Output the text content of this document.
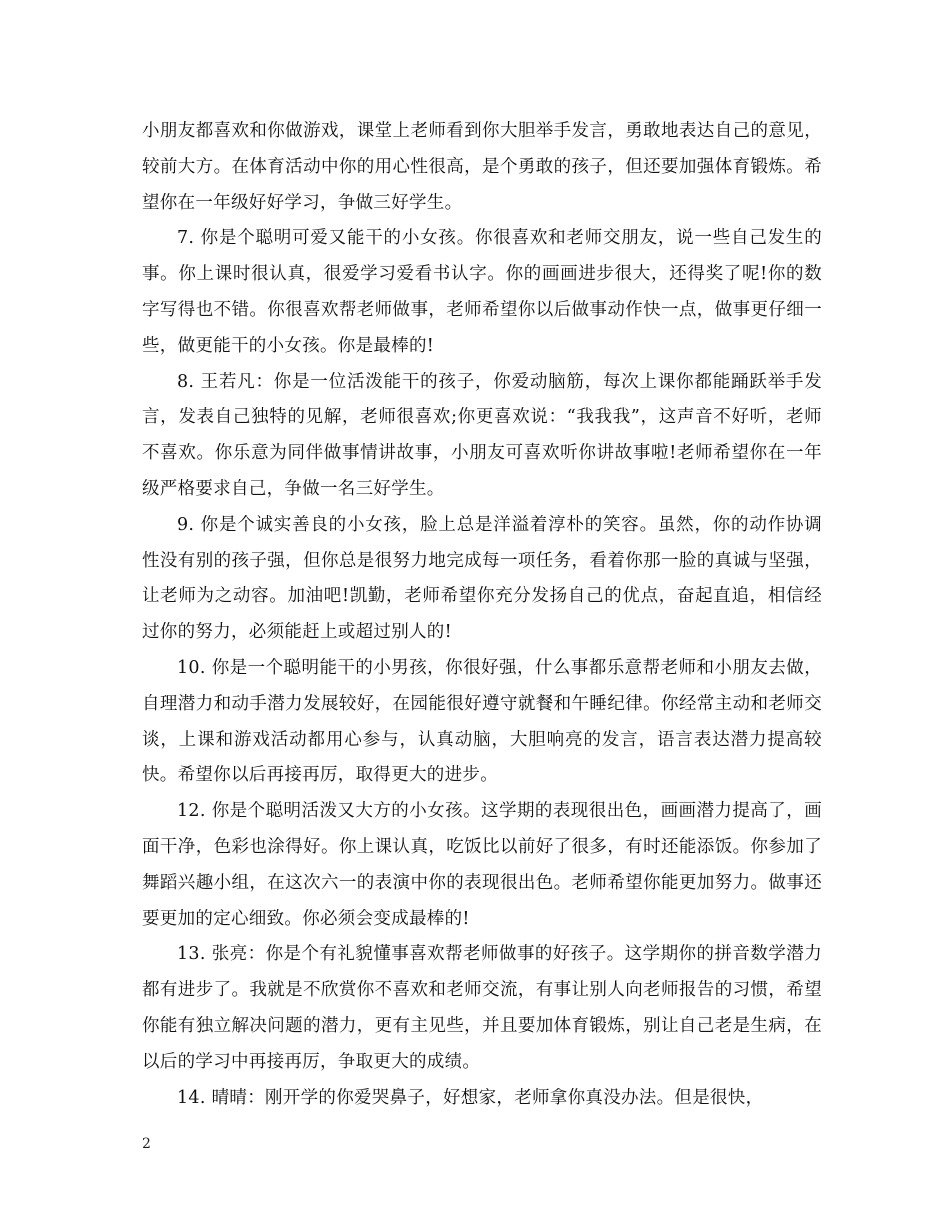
小朋友都喜欢和你做游戏，课堂上老师看到你大胆举手发言，勇敢地表达自己的意见，较前大方。在体育活动中你的用心性很高，是个勇敢的孩子，但还要加强体育锻炼。希望你在一年级好好学习，争做三好学生。

7. 你是个聪明可爱又能干的小女孩。你很喜欢和老师交朋友，说一些自己发生的事。你上课时很认真，很爱学习爱看书认字。你的画画进步很大，还得奖了呢!你的数字写得也不错。你很喜欢帮老师做事，老师希望你以后做事动作快一点，做事更仔细一些，做更能干的小女孩。你是最棒的!

8. 王若凡：你是一位活泼能干的孩子，你爱动脑筋，每次上课你都能踊跃举手发言，发表自己独特的见解，老师很喜欢;你更喜欢说：“我我我”，这声音不好听，老师不喜欢。你乐意为同伴做事情讲故事，小朋友可喜欢听你讲故事啦!老师希望你在一年级严格要求自己，争做一名三好学生。

9. 你是个诚实善良的小女孩，脸上总是洋溢着淳朴的笑容。虽然，你的动作协调性没有别的孩子强，但你总是很努力地完成每一项任务，看着你那一脸的真诚与坚强，让老师为之动容。加油吧!凯勤，老师希望你充分发扬自己的优点，奋起直追，相信经过你的努力，必须能赶上或超过别人的!

10. 你是一个聪明能干的小男孩，你很好强，什么事都乐意帮老师和小朋友去做，自理潜力和动手潜力发展较好，在园能很好遵守就餐和午睡纪律。你经常主动和老师交谈，上课和游戏活动都用心参与，认真动脑，大胆响亮的发言，语言表达潜力提高较快。希望你以后再接再厉，取得更大的进步。

12. 你是个聪明活泼又大方的小女孩。这学期的表现很出色，画画潜力提高了，画面干净，色彩也涂得好。你上课认真，吃饭比以前好了很多，有时还能添饭。你参加了舞蹈兴趣小组，在这次六一的表演中你的表现很出色。老师希望你能更加努力。做事还要更加的定心细致。你必须会变成最棒的!

13. 张亮：你是个有礼貌懂事喜欢帮老师做事的好孩子。这学期你的拼音数学潜力都有进步了。我就是不欣赏你不喜欢和老师交流，有事让别人向老师报告的习惯，希望你能有独立解决问题的潜力，更有主见些，并且要加体育锻炼，别让自己老是生病，在以后的学习中再接再厉，争取更大的成绩。

14. 晴晴：刚开学的你爱哭鼻子，好想家，老师拿你真没办法。但是很快，

2
